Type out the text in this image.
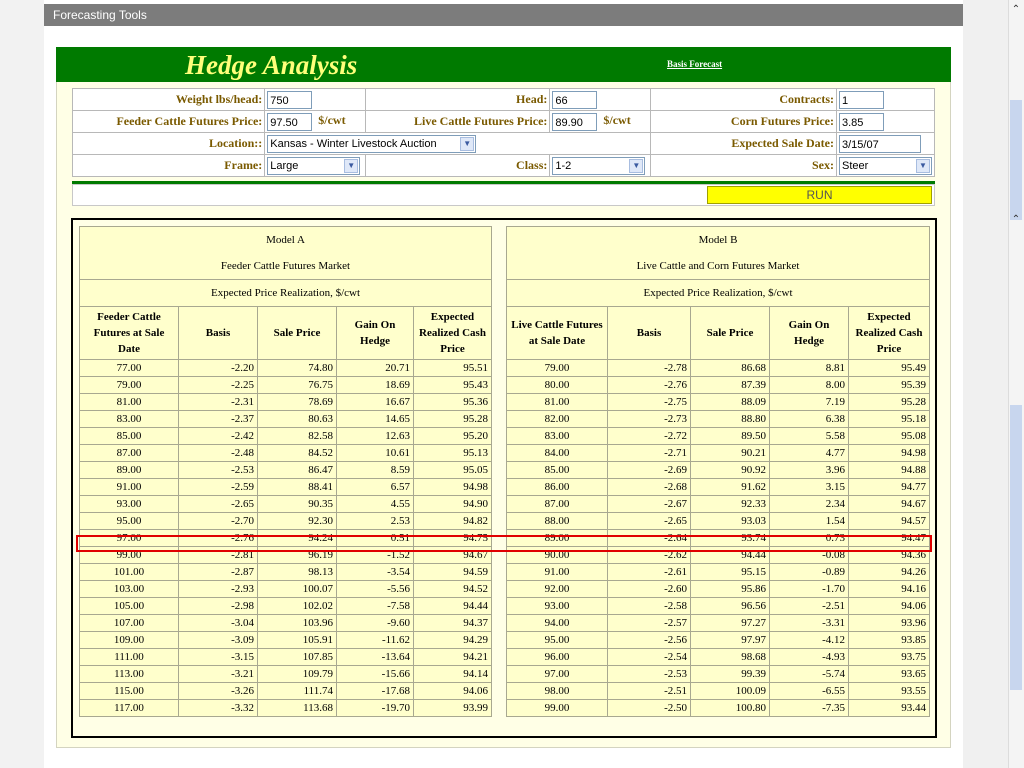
Forecasting Tools
Hedge Analysis	Basis Forecast
Weight lbs/head:	750	Head:	66	Contracts:	1
Feeder Cattle Futures Price:	97.50 $/cwt	Live Cattle Futures Price:	89.90 $/cwt	Corn Futures Price:	3.85
Location::	Kansas - Winter Livestock Auction ▼			Expected Sale Date:	3/15/07
Frame:	Large ▼	Class:	1-2 ▼	Sex:	Steer ▼
RUN
Model A
Feeder Cattle Futures Market				

Expected Price Realization, $/cwt				
Feeder Cattle Futures at Sale Date	Basis	Sale Price	Gain On Hedge	Expected Realized Cash Price
77.00	-2.20	74.80	20.71	95.51
79.00	-2.25	76.75	18.69	95.43
81.00	-2.31	78.69	16.67	95.36
83.00	-2.37	80.63	14.65	95.28
85.00	-2.42	82.58	12.63	95.20
87.00	-2.48	84.52	10.61	95.13
89.00	-2.53	86.47	8.59	95.05
91.00	-2.59	88.41	6.57	94.98
93.00	-2.65	90.35	4.55	94.90
95.00	-2.70	92.30	2.53	94.82
97.00	-2.76	94.24	0.51	94.75
99.00	-2.81	96.19	-1.52	94.67
101.00	-2.87	98.13	-3.54	94.59
103.00	-2.93	100.07	-5.56	94.52
105.00	-2.98	102.02	-7.58	94.44
107.00	-3.04	103.96	-9.60	94.37
109.00	-3.09	105.91	-11.62	94.29
111.00	-3.15	107.85	-13.64	94.21
113.00	-3.21	109.79	-15.66	94.14
115.00	-3.26	111.74	-17.68	94.06
117.00	-3.32	113.68	-19.70	93.99
Model B
Live Cattle and Corn Futures Market				

Expected Price Realization, $/cwt				
Live Cattle Futures at Sale Date	Basis	Sale Price	Gain On Hedge	Expected Realized Cash Price
79.00	-2.78	86.68	8.81	95.49
80.00	-2.76	87.39	8.00	95.39
81.00	-2.75	88.09	7.19	95.28
82.00	-2.73	88.80	6.38	95.18
83.00	-2.72	89.50	5.58	95.08
84.00	-2.71	90.21	4.77	94.98
85.00	-2.69	90.92	3.96	94.88
86.00	-2.68	91.62	3.15	94.77
87.00	-2.67	92.33	2.34	94.67
88.00	-2.65	93.03	1.54	94.57
89.00	-2.64	93.74	0.73	94.47
90.00	-2.62	94.44	-0.08	94.36
91.00	-2.61	95.15	-0.89	94.26
92.00	-2.60	95.86	-1.70	94.16
93.00	-2.58	96.56	-2.51	94.06
94.00	-2.57	97.27	-3.31	93.96
95.00	-2.56	97.97	-4.12	93.85
96.00	-2.54	98.68	-4.93	93.75
97.00	-2.53	99.39	-5.74	93.65
98.00	-2.51	100.09	-6.55	93.55
99.00	-2.50	100.80	-7.35	93.44
⌃
⌃
